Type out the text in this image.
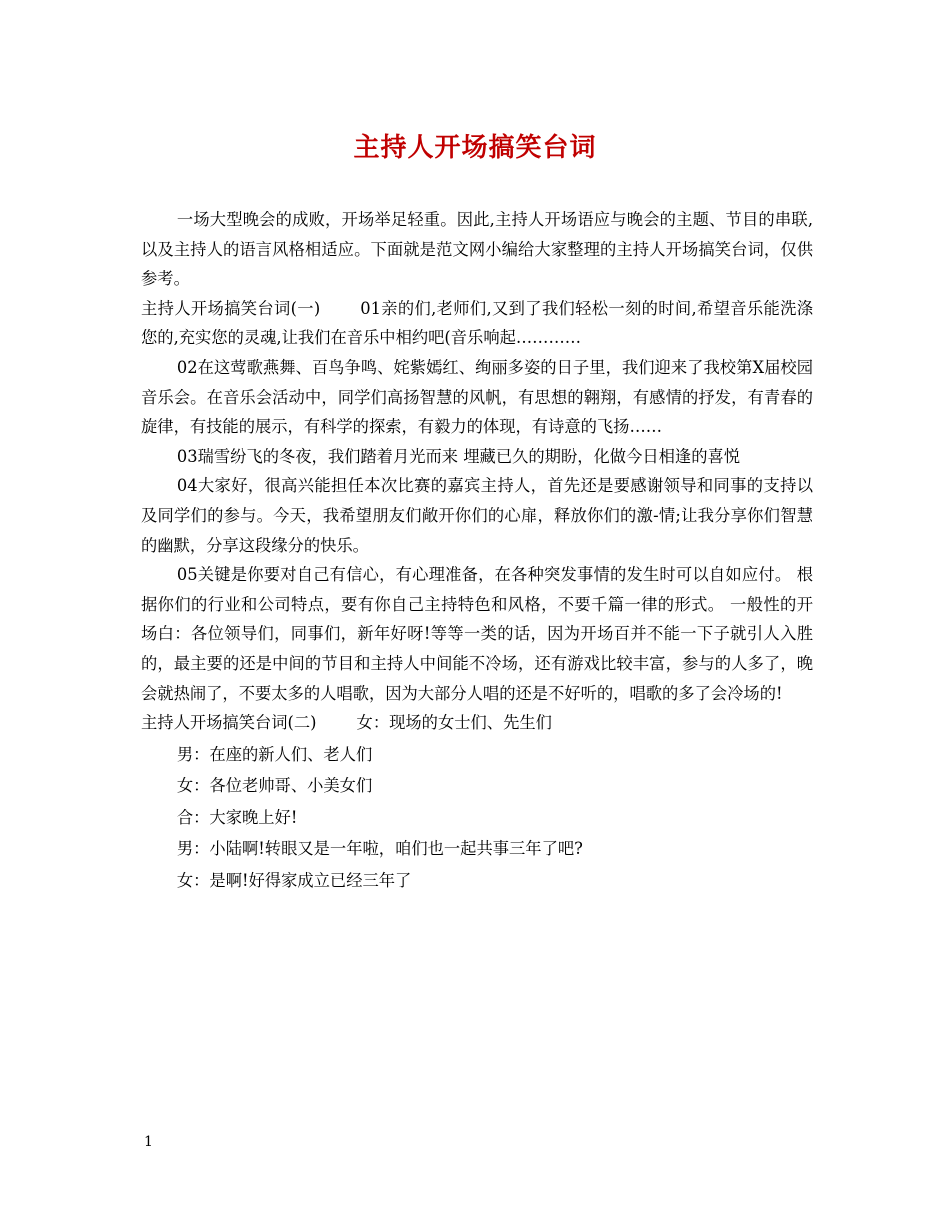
主持人开场搞笑台词

一场大型晚会的成败，开场举足轻重。因此,主持人开场语应与晚会的主题、节目的串联,以及主持人的语言风格相适应。下面就是范文网小编给大家整理的主持人开场搞笑台词，仅供参考。

主持人开场搞笑台词(一) 01亲的们,老师们,又到了我们轻松一刻的时间,希望音乐能洗涤您的,充实您的灵魂,让我们在音乐中相约吧(音乐响起…………

02在这莺歌燕舞、百鸟争鸣、姹紫嫣红、绚丽多姿的日子里，我们迎来了我校第X届校园音乐会。在音乐会活动中，同学们高扬智慧的风帆，有思想的翱翔，有感情的抒发，有青春的旋律，有技能的展示，有科学的探索，有毅力的体现，有诗意的飞扬……

03瑞雪纷飞的冬夜，我们踏着月光而来 埋藏已久的期盼，化做今日相逢的喜悦

04大家好，很高兴能担任本次比赛的嘉宾主持人，首先还是要感谢领导和同事的支持以及同学们的参与。今天，我希望朋友们敞开你们的心扉，释放你们的激-情;让我分享你们智慧的幽默，分享这段缘分的快乐。

05关键是你要对自己有信心，有心理准备，在各种突发事情的发生时可以自如应付。 根据你们的行业和公司特点，要有你自己主持特色和风格，不要千篇一律的形式。 一般性的开场白：各位领导们，同事们，新年好呀!等等一类的话，因为开场百并不能一下子就引人入胜的，最主要的还是中间的节目和主持人中间能不冷场，还有游戏比较丰富，参与的人多了，晚会就热闹了，不要太多的人唱歌，因为大部分人唱的还是不好听的，唱歌的多了会冷场的!

主持人开场搞笑台词(二) 女：现场的女士们、先生们

男：在座的新人们、老人们

女：各位老帅哥、小美女们

合：大家晚上好!

男：小陆啊!转眼又是一年啦，咱们也一起共事三年了吧?

女：是啊!好得家成立已经三年了

1
